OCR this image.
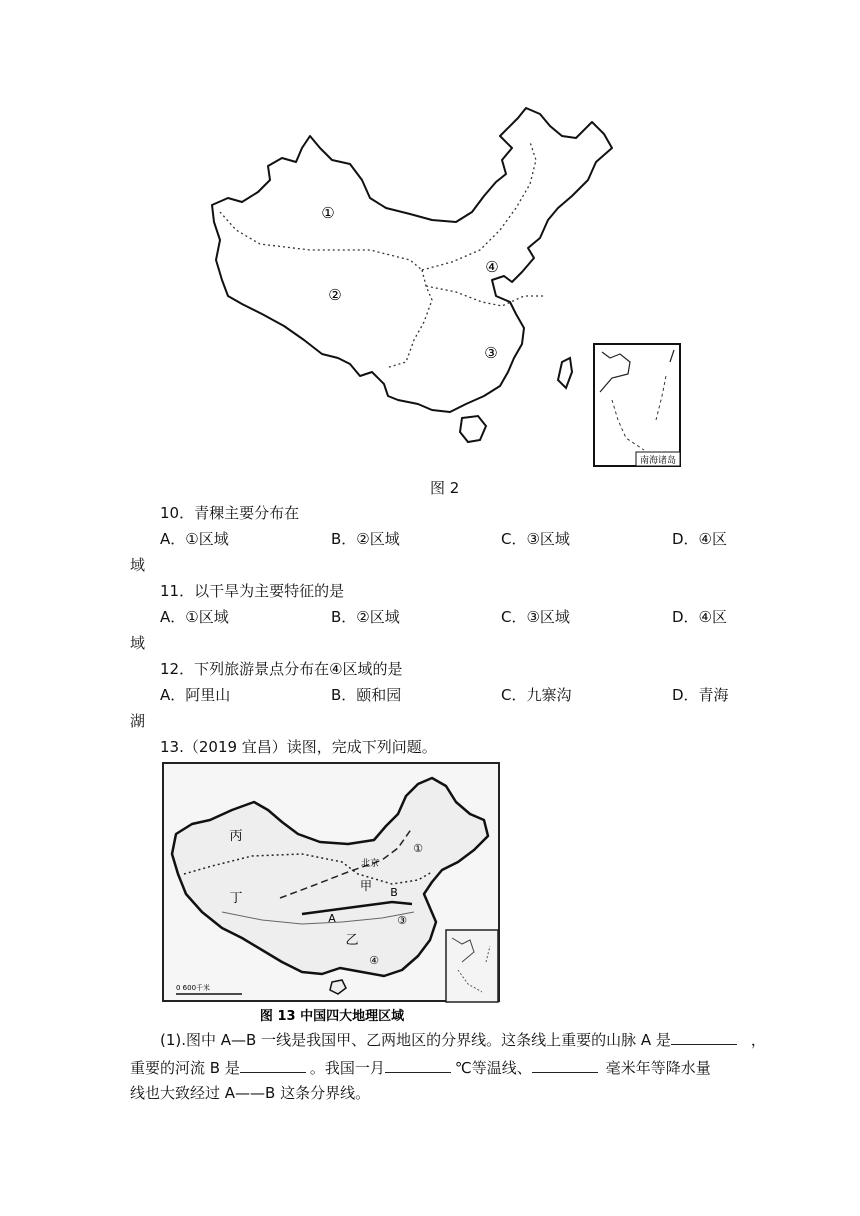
①
②
③
④
南海诸岛
图 2
10．青稞主要分布在
A．①区域	B．②区域	C．③区域	D．④区
域
11．以干旱为主要特征的是
A．①区域	B．②区域	C．③区域	D．④区
域
12．下列旅游景点分布在④区域的是
A．阿里山	B．颐和园	C．九寨沟	D．青海
湖
13.（2019 宜昌）读图，完成下列问题。
丙
丁
甲
乙
A
B
北京
①
③
④
0 600千米
图 13 中国四大地理区域
(1).图中 A—B 一线是我国甲、乙两地区的分界线。这条线上重要的山脉 A 是	，
重要的河流 B 是	。我国一月	℃等温线、	毫米年等降水量
线也大致经过 A——B 这条分界线。
